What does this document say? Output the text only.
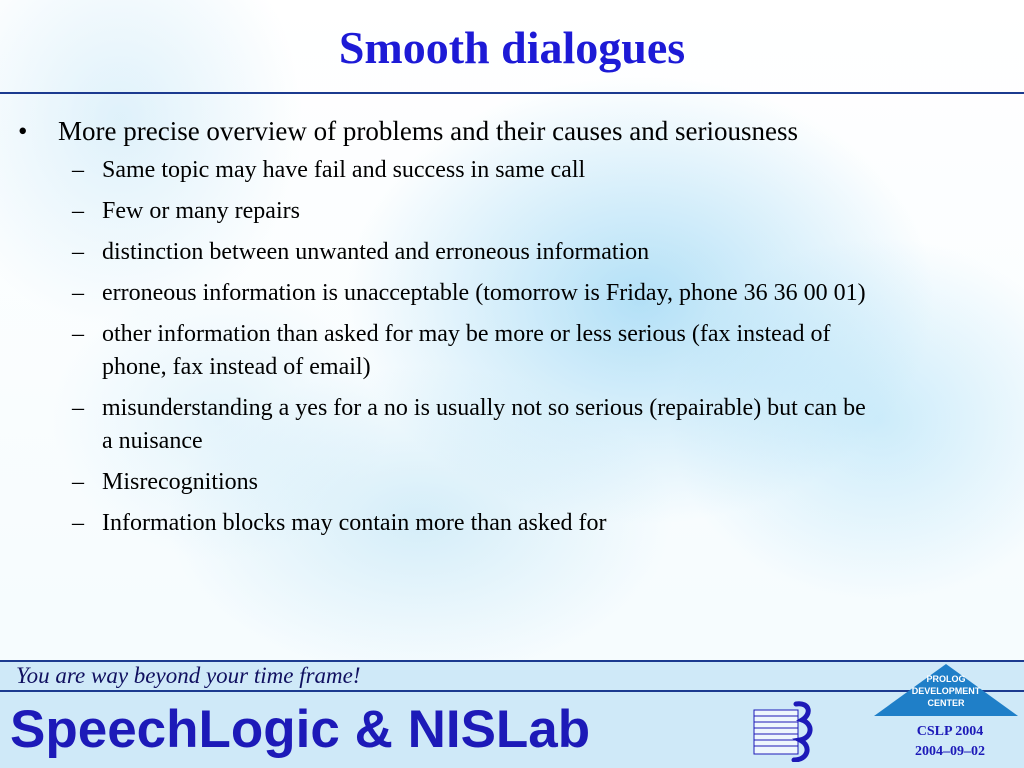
Smooth dialogues
•	More precise overview of problems and their causes and seriousness
– Same topic may have fail and success in same call
– Few or many repairs
– distinction between unwanted and erroneous information
– erroneous information is unacceptable (tomorrow is Friday, phone 36 36 00 01)
– other information than asked for may be more or less serious (fax instead of phone, fax instead of email)
– misunderstanding a yes for a no is usually not so serious (repairable) but can be a nuisance
– Misrecognitions
– Information blocks may contain more than asked for
You are way beyond your time frame!
SpeechLogic & NISLab
PROLOG
DEVELOPMENT
CENTER
CSLP 2004
2004–09–02
